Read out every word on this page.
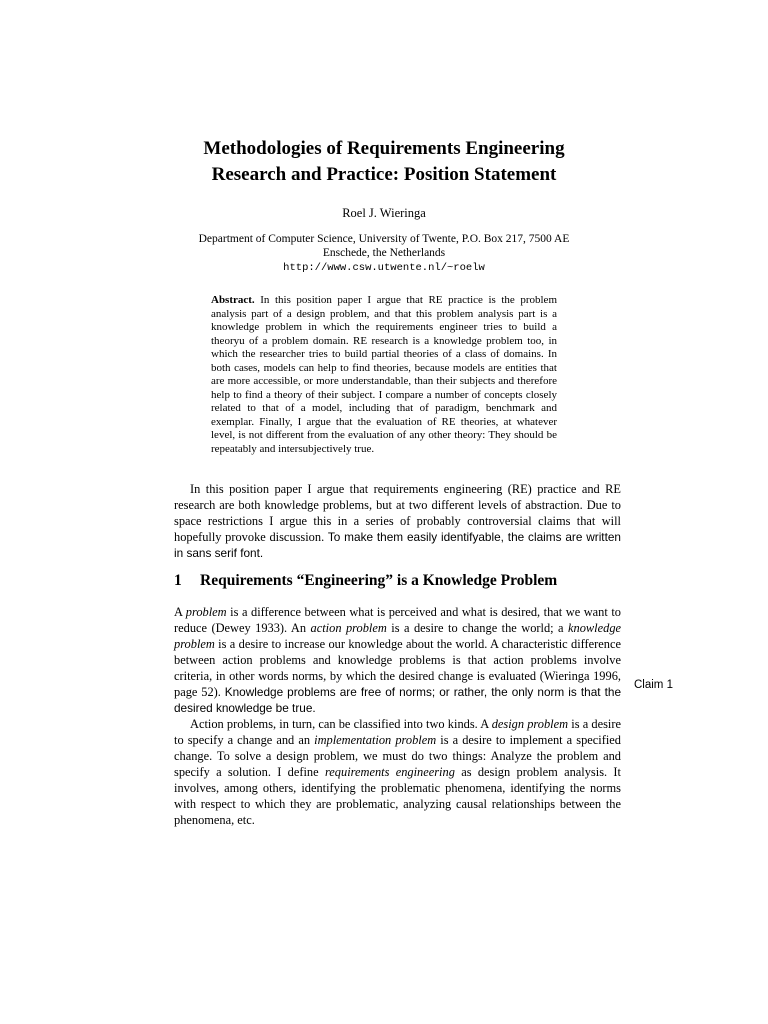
Methodologies of Requirements Engineering
Research and Practice: Position Statement
Roel J. Wieringa
Department of Computer Science, University of Twente, P.O. Box 217, 7500 AE
Enschede, the Netherlands
http://www.csw.utwente.nl/~roelw
Abstract. In this position paper I argue that RE practice is the problem analysis part of a design problem, and that this problem analysis part is a knowledge problem in which the requirements engineer tries to build a theoryu of a problem domain. RE research is a knowledge problem too, in which the researcher tries to build partial theories of a class of domains. In both cases, models can help to find theories, because models are entities that are more accessible, or more understandable, than their subjects and therefore help to find a theory of their subject. I compare a number of concepts closely related to that of a model, including that of paradigm, benchmark and exemplar. Finally, I argue that the evaluation of RE theories, at whatever level, is not different from the evaluation of any other theory: They should be repeatably and intersubjectively true.

In this position paper I argue that requirements engineering (RE) practice and RE research are both knowledge problems, but at two different levels of abstraction. Due to space restrictions I argue this in a series of probably controversial claims that will hopefully provoke discussion. To make them easily identifyable, the claims are written in sans serif font.

1 Requirements “Engineering” is a Knowledge Problem

A problem is a difference between what is perceived and what is desired, that we want to reduce (Dewey 1933). An action problem is a desire to change the world; a knowledge problem is a desire to increase our knowledge about the world. A characteristic difference between action problems and knowledge problems is that action problems involve criteria, in other words norms, by which the desired change is evaluated (Wieringa 1996, page 52). Knowledge problems are free of norms; or rather, the only norm is that the desired knowledge be true.

Action problems, in turn, can be classified into two kinds. A design problem is a desire to specify a change and an implementation problem is a desire to implement a specified change. To solve a design problem, we must do two things: Analyze the problem and specify a solution. I define requirements engineering as design problem analysis. It involves, among others, identifying the problematic phenomena, identifying the norms with respect to which they are problematic, analyzing causal relationships between the phenomena, etc.

Claim 1
